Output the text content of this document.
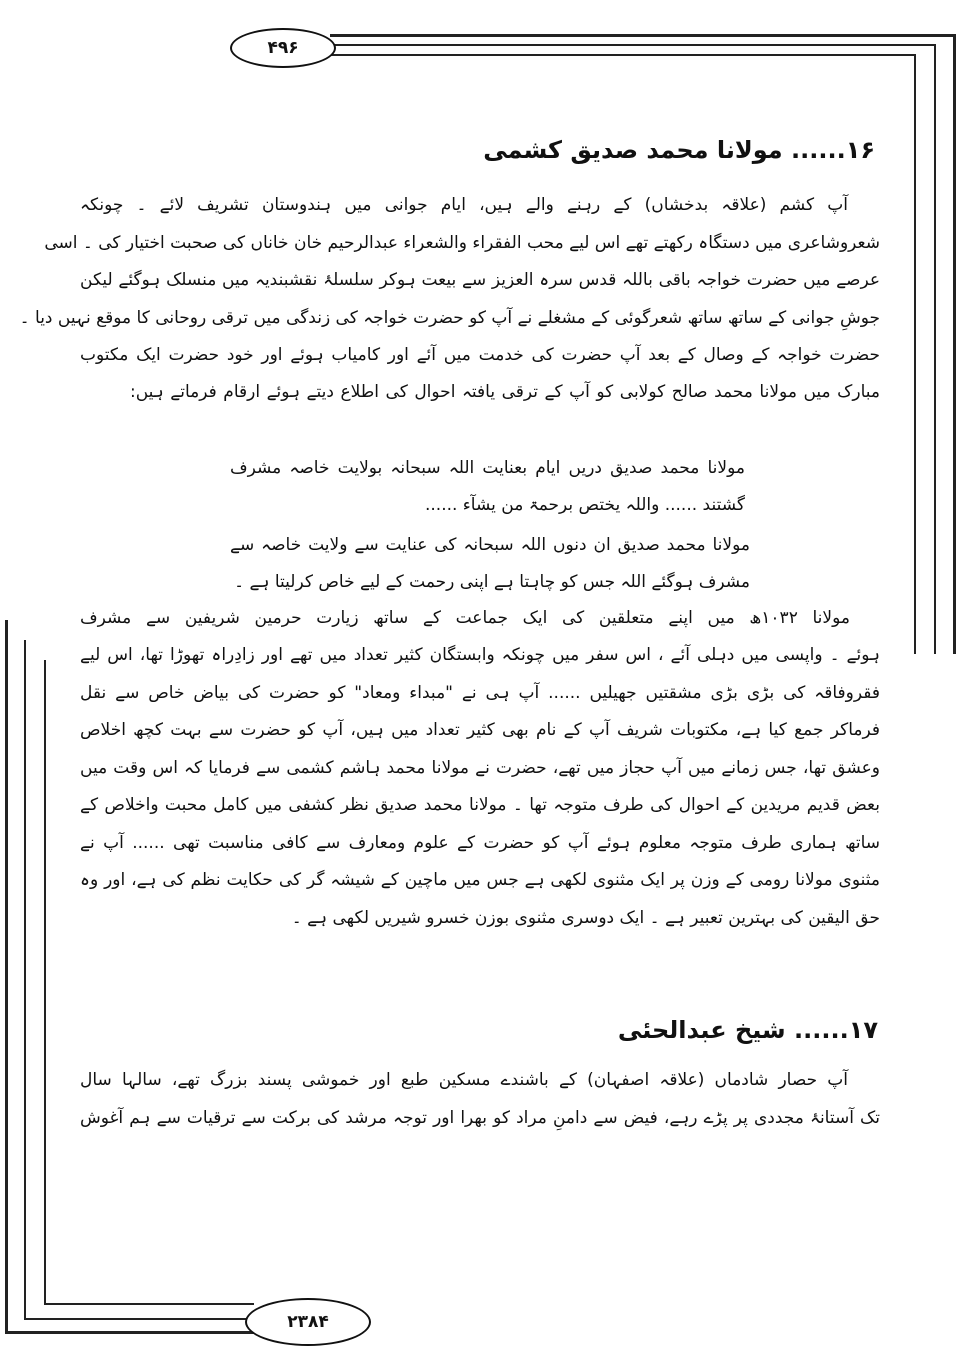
۴۹۶
۲۳۸۴
۱۶...... مولانا محمد صدیق کشمی
آپ کشم (علاقہ بدخشاں) کے رہنے والے ہیں، ایام جوانی میں ہندوستان تشریف لائے ۔ چونکہ
شعروشاعری میں دستگاہ رکھتے تھے اس لیے محب الفقراء والشعراء عبدالرحیم خان خاناں کی صحبت اختیار کی ۔ اسی
عرصے میں حضرت خواجہ باقی باللہ قدس سرہ العزیز سے بیعت ہوکر سلسلۂ نقشبندیہ میں منسلک ہوگئے لیکن
جوشِ جوانی کے ساتھ ساتھ شعرگوئی کے مشغلے نے آپ کو حضرت خواجہ کی زندگی میں ترقی روحانی کا موقع نہیں دیا ۔
حضرت خواجہ کے وصال کے بعد آپ حضرت کی خدمت میں آئے اور کامیاب ہوئے اور خود حضرت ایک مکتوب
مبارک میں مولانا محمد صالح کولابی کو آپ کے ترقی یافتہ احوال کی اطلاع دیتے ہوئے ارقام فرماتے ہیں:
مولانا محمد صدیق دریں ایام بعنایت اللہ سبحانہ بولایت خاصہ مشرف
گشتند ...... واللہ یختص برحمۃ من یشآء ......
مولانا محمد صدیق ان دنوں اللہ سبحانہ کی عنایت سے ولایت خاصہ سے
مشرف ہوگئے اللہ جس کو چاہتا ہے اپنی رحمت کے لیے خاص کرلیتا ہے ۔
مولانا ۱۰۳۲ھ میں اپنے متعلقین کی ایک جماعت کے ساتھ زیارت حرمین شریفین سے مشرف
ہوئے ۔ واپسی میں دہلی آئے ، اس سفر میں چونکہ وابستگان کثیر تعداد میں تھے اور زادِراہ تھوڑا تھا، اس لیے
فقروفاقہ کی بڑی بڑی مشقتیں جھیلیں ...... آپ ہی نے "مبداء ومعاد" کو حضرت کی بیاض خاص سے نقل
فرماکر جمع کیا ہے، مکتوبات شریف آپ کے نام بھی کثیر تعداد میں ہیں، آپ کو حضرت سے بہت کچھ اخلاص
وعشق تھا، جس زمانے میں آپ حجاز میں تھے، حضرت نے مولانا محمد ہاشم کشمی سے فرمایا کہ اس وقت میں
بعض قدیم مریدین کے احوال کی طرف متوجہ تھا ۔ مولانا محمد صدیق نظر کشفی میں کامل محبت واخلاص کے
ساتھ ہماری طرف متوجہ معلوم ہوئے آپ کو حضرت کے علوم ومعارف سے کافی مناسبت تھی ...... آپ نے
مثنوی مولانا رومی کے وزن پر ایک مثنوی لکھی ہے جس میں ماچین کے شیشہ گر کی حکایت نظم کی ہے، اور وہ
حق الیقین کی بہترین تعبیر ہے ۔ ایک دوسری مثنوی بوزن خسرو شیریں لکھی ہے ۔
۱۷...... شیخ عبدالحئی
آپ حصار شادماں (علاقہ اصفہان) کے باشندے مسکین طبع اور خموشی پسند بزرگ تھے، سالہا سال
تک آستانۂ مجددی پر پڑے رہے، فیض سے دامنِ مراد کو بھرا اور توجہ مرشد کی برکت سے ترقیات سے ہم آغوش
